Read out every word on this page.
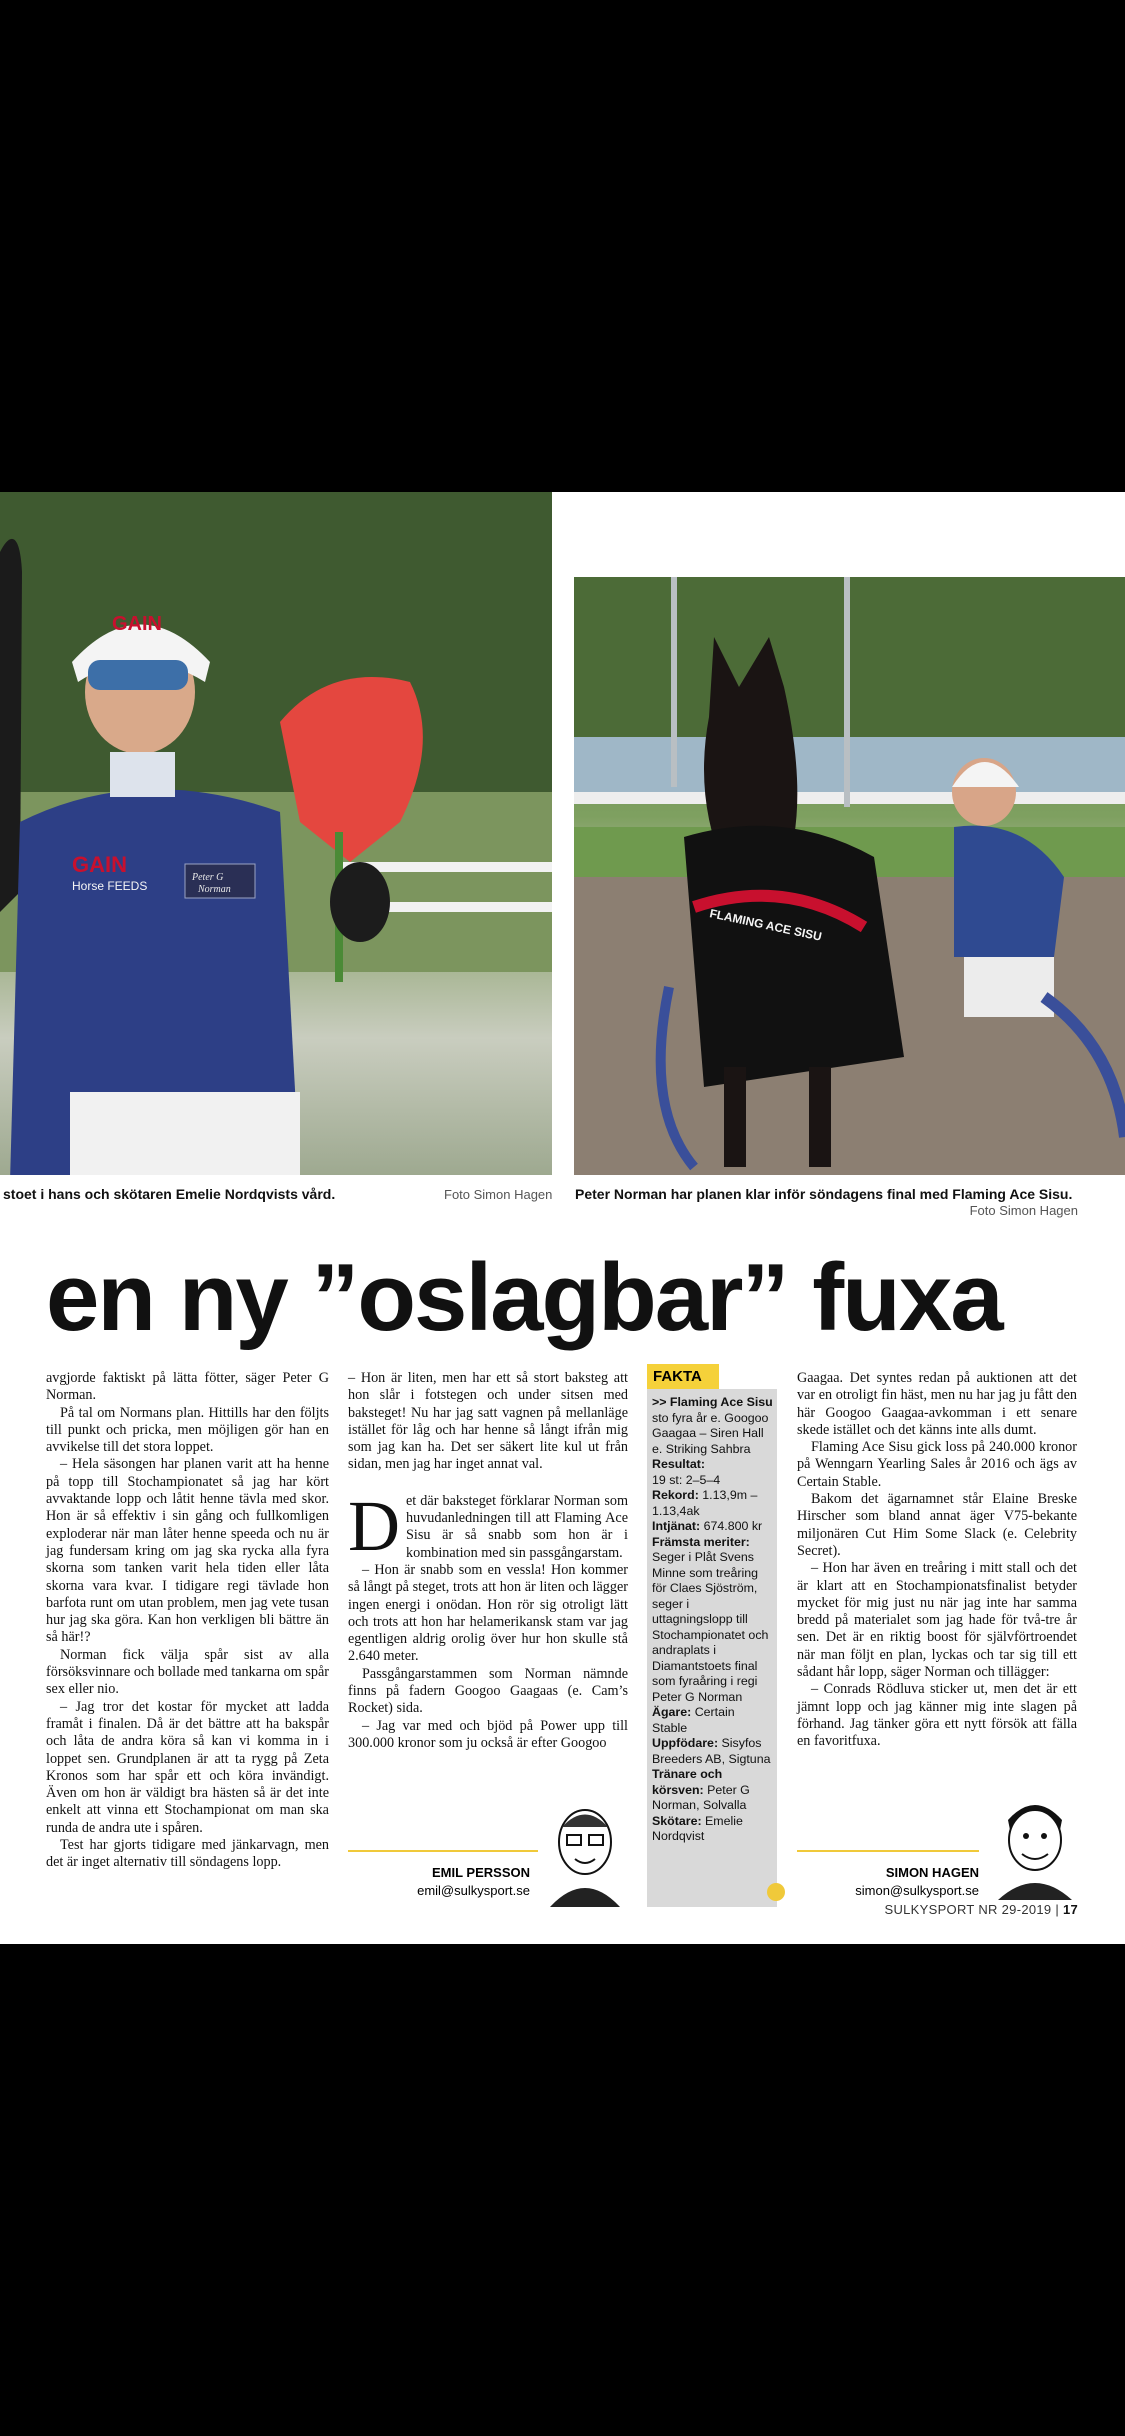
GAIN
GAIN
Horse FEEDS
Peter G
Norman
FLAMING ACE SISU
stoet i hans och skötaren Emelie Nordqvists vård.	Foto Simon Hagen Peter Norman har planen klar inför söndagens final med Flaming Ace Sisu.
Foto Simon Hagen
en ny ”oslagbar” fuxa

avgjorde faktiskt på lätta fötter, säger Peter G Norman.

På tal om Normans plan. Hittills har den följts till punkt och pricka, men möjligen gör han en avvikelse till det stora loppet.

– Hela säsongen har planen varit att ha henne på topp till Stochampionatet så jag har kört avvaktande lopp och låtit henne tävla med skor. Hon är så effektiv i sin gång och fullkomligen exploderar när man låter henne speeda och nu är jag fundersam kring om jag ska rycka alla fyra skorna som tanken varit hela tiden eller låta skorna vara kvar. I tidigare regi tävlade hon barfota runt om utan problem, men jag vete tusan hur jag ska göra. Kan hon verkligen bli bättre än så här!?

Norman fick välja spår sist av alla försöksvinnare och bollade med tankarna om spår sex eller nio.

– Jag tror det kostar för mycket att ladda framåt i finalen. Då är det bättre att ha bakspår och låta de andra köra så kan vi komma in i loppet sen. Grundplanen är att ta rygg på Zeta Kronos som har spår ett och köra invändigt. Även om hon är väldigt bra hästen så är det inte enkelt att vinna ett Stochampionat om man ska runda de andra ute i spåren.

Test har gjorts tidigare med jänkarvagn, men det är inget alternativ till söndagens lopp.

– Hon är liten, men har ett så stort baksteg att hon slår i fotstegen och under sitsen med baksteget! Nu har jag satt vagnen på mellanläge istället för låg och har henne så långt ifrån mig som jag kan ha. Det ser säkert lite kul ut från sidan, men jag har inget annat val.

Det där baksteget förklarar Norman som huvudanledningen till att Flaming Ace Sisu är så snabb som hon är i kombination med sin passgångarstam.

– Hon är snabb som en vessla! Hon kommer så långt på steget, trots att hon är liten och lägger ingen energi i onödan. Hon rör sig otroligt lätt och trots att hon har helamerikansk stam var jag egentligen aldrig orolig över hur hon skulle stå 2.640 meter.

Passgångarstammen som Norman nämnde finns på fadern Googoo Gaagaas (e. Cam’s Rocket) sida.

– Jag var med och bjöd på Power upp till 300.000 kronor som ju också är efter Googoo

FAKTA
>> Flaming Ace Sisu sto fyra år e. Googoo Gaagaa – Siren Hall e. Striking Sahbra
Resultat:
19 st: 2–5–4
Rekord: 1.13,9m – 1.13,4ak
Intjänat: 674.800 kr
Främsta meriter:
Seger i Plåt Svens Minne som treåring för Claes Sjöström, seger i uttagningslopp till Stochampionatet och andraplats i Diamantstoets final som fyraåring i regi Peter G Norman
Ägare: Certain Stable
Uppfödare: Sisyfos Breeders AB, Sigtuna
Tränare och körsven: Peter G Norman, Solvalla
Skötare: Emelie Nordqvist

Gaagaa. Det syntes redan på auktionen att det var en otroligt fin häst, men nu har jag ju fått den här Googoo Gaagaa-avkomman i ett senare skede istället och det känns inte alls dumt.

Flaming Ace Sisu gick loss på 240.000 kronor på Wenngarn Yearling Sales år 2016 och ägs av Certain Stable.

Bakom det ägarnamnet står Elaine Breske Hirscher som bland annat äger V75-bekante miljonären Cut Him Some Slack (e. Celebrity Secret).

– Hon har även en treåring i mitt stall och det är klart att en Stochampionatsfinalist betyder mycket för mig just nu när jag inte har samma bredd på materialet som jag hade för två-tre år sen. Det är en riktig boost för självförtroendet när man följt en plan, lyckas och tar sig till ett sådant hår lopp, säger Norman och tillägger:

– Conrads Rödluva sticker ut, men det är ett jämnt lopp och jag känner mig inte slagen på förhand. Jag tänker göra ett nytt försök att fälla en favoritfuxa.

EMIL PERSSON
emil@sulkysport.se
SIMON HAGEN
simon@sulkysport.se
SULKYSPORT NR 29-2019 | 17
